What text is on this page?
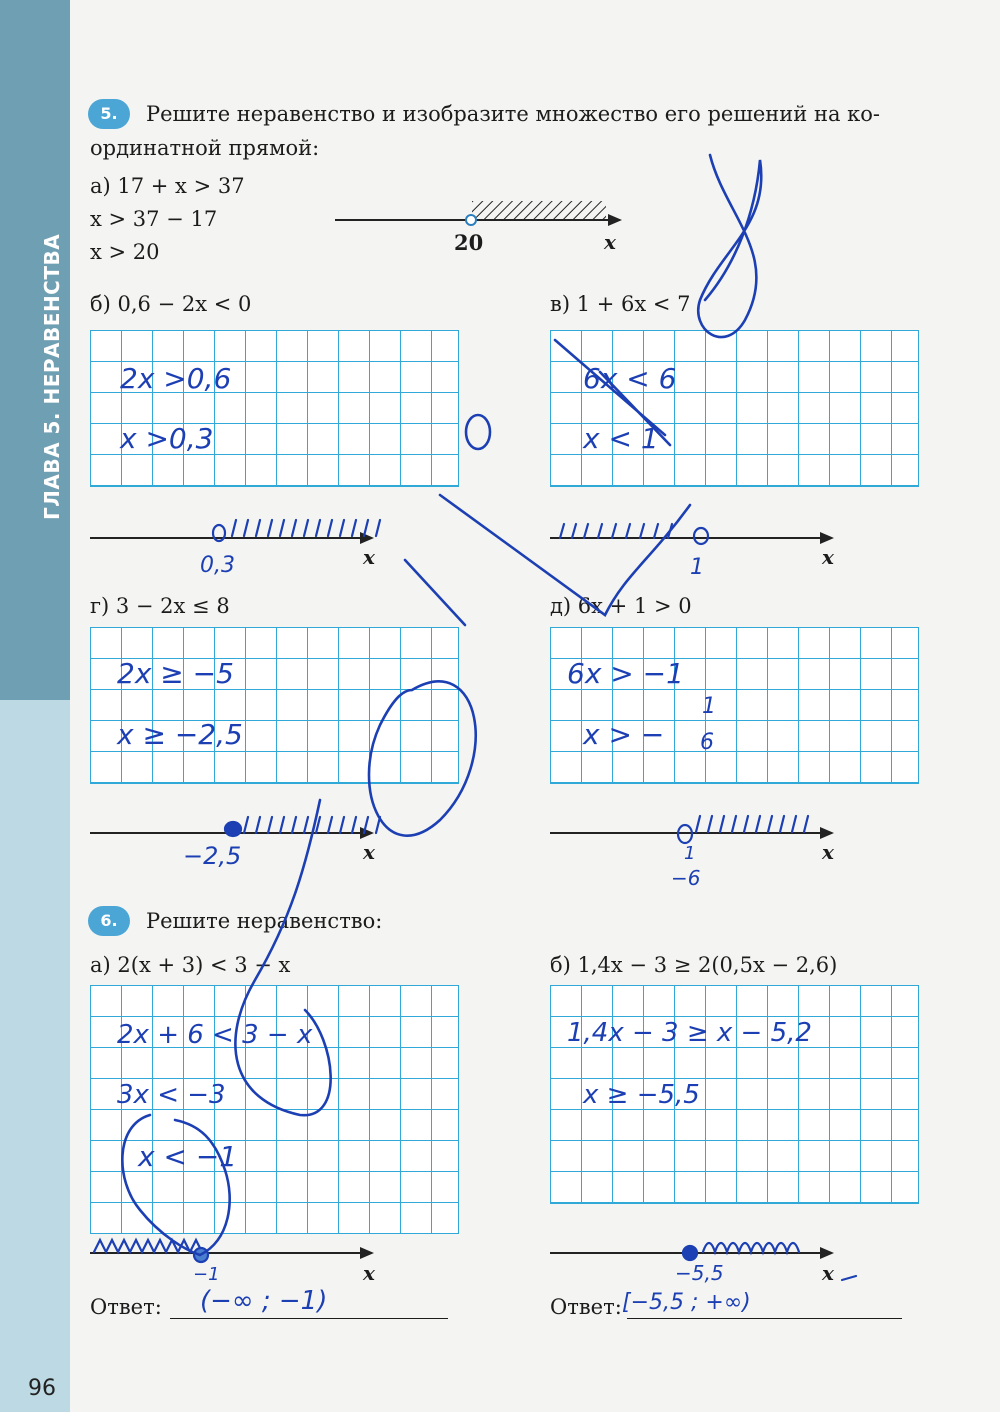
ГЛАВА 5. НЕРАВЕНСТВА
96
5.	Решите неравенство и изобразите множество его решений на ко-
ординатной прямой:
а) 17 + x > 37
x > 37 − 17
x > 20	20	x
б) 0,6 − 2x < 0
2x >0,6
x >0,3
0,3	x
в) 1 + 6x < 7
6x < 6
x < 1
1	x
г) 3 − 2x ≤ 8
2x ≥ −5
x ≥ −2,5
−2,5	x
д) 6x + 1 > 0
6x > −1
x > −
1
6
1
−6
x
6.	Решите неравенство:
а) 2(x + 3) < 3 − x
2x + 6 < 3 − x
3x < −3
x < −1
−1	x
Ответ: (−∞ ; −1)
б) 1,4x − 3 ≥ 2(0,5x − 2,6)
1,4x − 3 ≥ x − 5,2
x ≥ −5,5
−5,5	x
Ответ: [−5,5 ; +∞)
